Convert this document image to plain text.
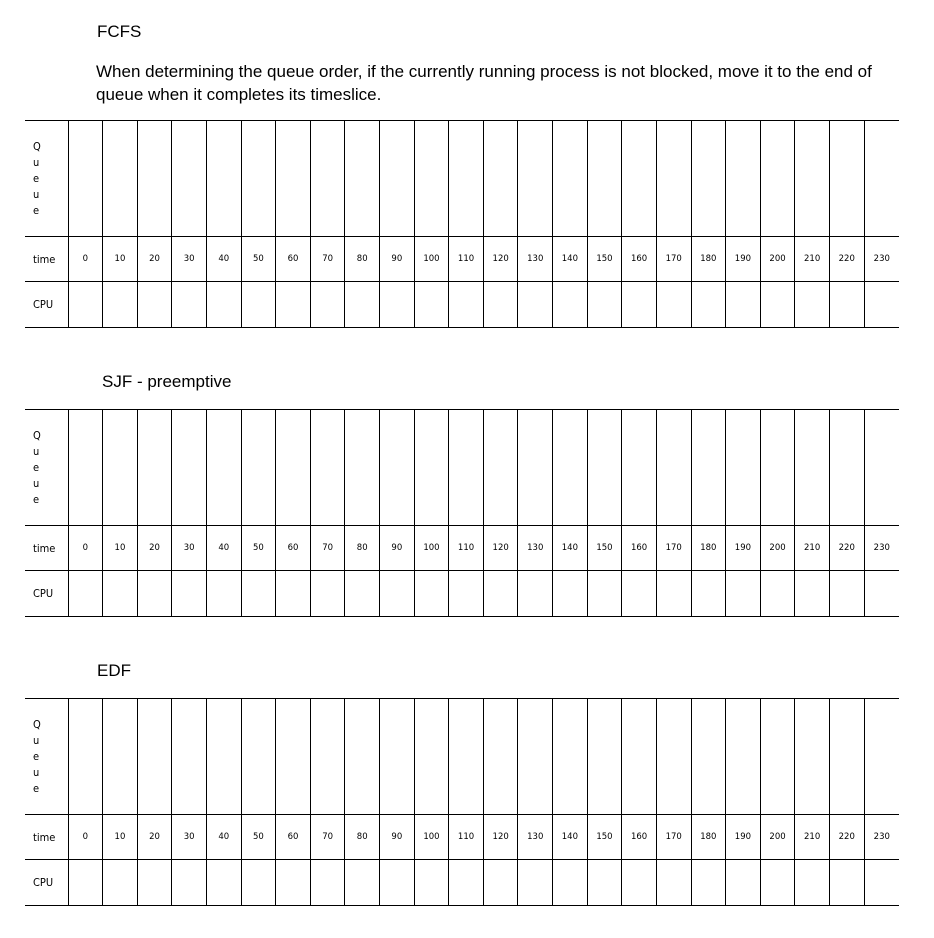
FCFS

When determining the queue order, if the currently running process is not blocked, move it to the end of queue when it completes its timeslice.

Q
u
e
u
e																								

time	0	10	20	30	40	50	60	70	80	90	100	110	120	130	140	150	160	170	180	190	200	210	220	230
CPU																								
SJF - preemptive
Q
u
e
u
e																								

time	0	10	20	30	40	50	60	70	80	90	100	110	120	130	140	150	160	170	180	190	200	210	220	230
CPU																								
EDF
Q
u
e
u
e																								

time	0	10	20	30	40	50	60	70	80	90	100	110	120	130	140	150	160	170	180	190	200	210	220	230
CPU																								
